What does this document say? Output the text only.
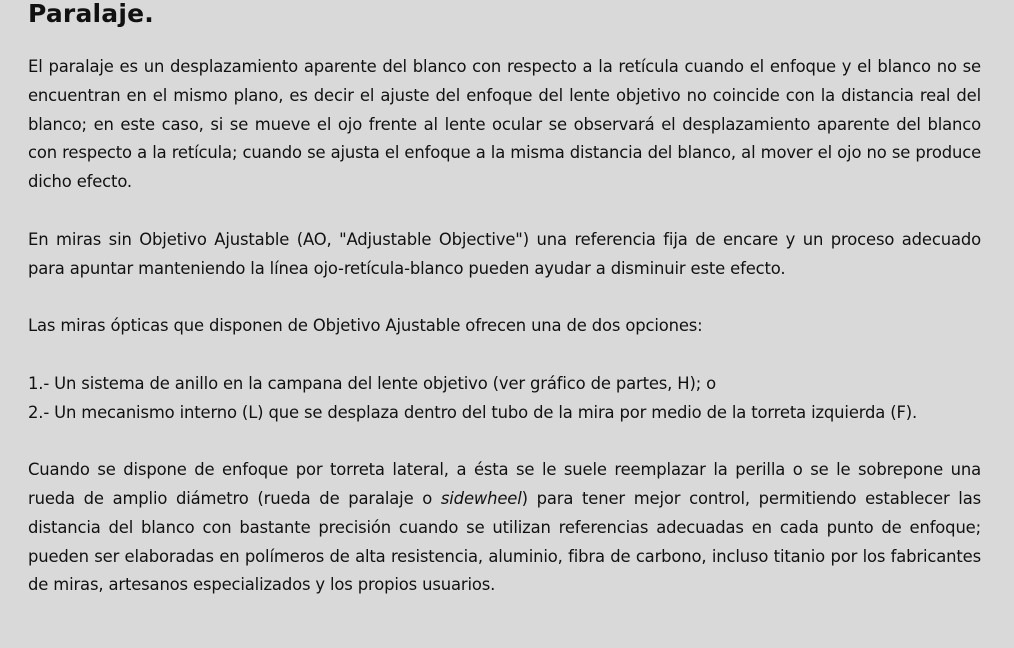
Paralaje.

El paralaje es un desplazamiento aparente del blanco con respecto a la retícula cuando el enfoque y el blanco no se encuentran en el mismo plano, es decir el ajuste del enfoque del lente objetivo no coincide con la distancia real del blanco; en este caso, si se mueve el ojo frente al lente ocular se observará el desplazamiento aparente del blanco con respecto a la retícula; cuando se ajusta el enfoque a la misma distancia del blanco, al mover el ojo no se produce dicho efecto.

En miras sin Objetivo Ajustable (AO, "Adjustable Objective") una referencia fija de encare y un proceso adecuado para apuntar manteniendo la línea ojo-retícula-blanco pueden ayudar a disminuir este efecto.

Las miras ópticas que disponen de Objetivo Ajustable ofrecen una de dos opciones:

1.- Un sistema de anillo en la campana del lente objetivo (ver gráfico de partes, H); o

2.- Un mecanismo interno (L) que se desplaza dentro del tubo de la mira por medio de la torreta izquierda (F).

Cuando se dispone de enfoque por torreta lateral, a ésta se le suele reemplazar la perilla o se le sobrepone una rueda de amplio diámetro (rueda de paralaje o sidewheel) para tener mejor control, permitiendo establecer las distancia del blanco con bastante precisión cuando se utilizan referencias adecuadas en cada punto de enfoque; pueden ser elaboradas en polímeros de alta resistencia, aluminio, fibra de carbono, incluso titanio por los fabricantes de miras, artesanos especializados y los propios usuarios.
